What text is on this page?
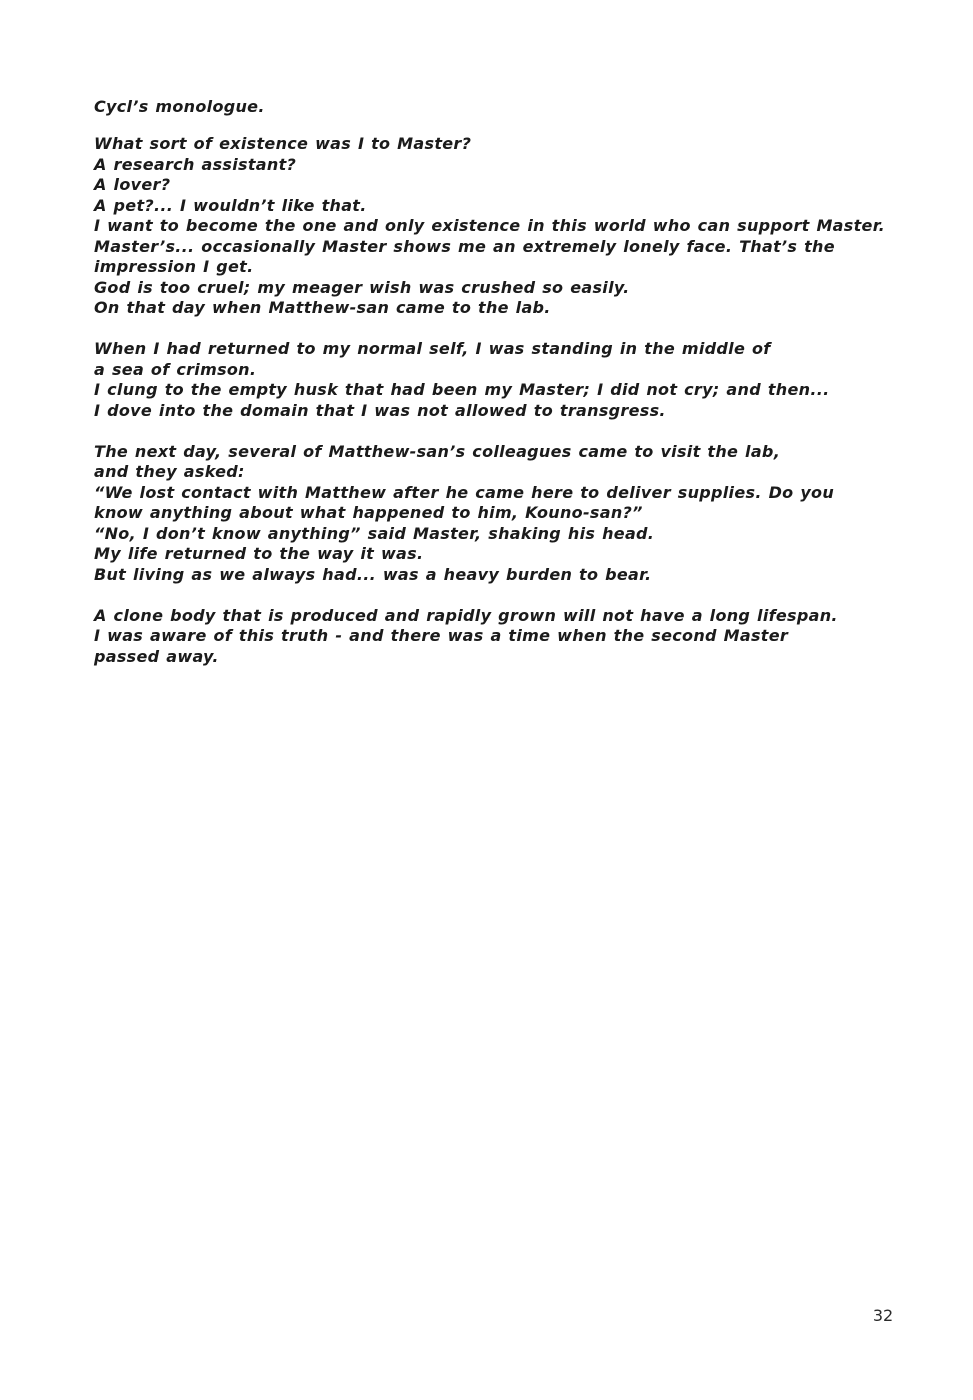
Cycl’s monologue.
What sort of existence was I to Master?
A research assistant?
A lover?
A pet?... I wouldn’t like that.
I want to become the one and only existence in this world who can support Master.
Master’s... occasionally Master shows me an extremely lonely face. That’s the
impression I get.
God is too cruel; my meager wish was crushed so easily.
On that day when Matthew-san came to the lab.
When I had returned to my normal self, I was standing in the middle of
a sea of crimson.
I clung to the empty husk that had been my Master; I did not cry; and then...
I dove into the domain that I was not allowed to transgress.
The next day, several of Matthew-san’s colleagues came to visit the lab,
and they asked:
“We lost contact with Matthew after he came here to deliver supplies. Do you
know anything about what happened to him, Kouno-san?”
“No, I don’t know anything” said Master, shaking his head.
My life returned to the way it was.
But living as we always had... was a heavy burden to bear.
A clone body that is produced and rapidly grown will not have a long lifespan.
I was aware of this truth - and there was a time when the second Master
passed away.
32
